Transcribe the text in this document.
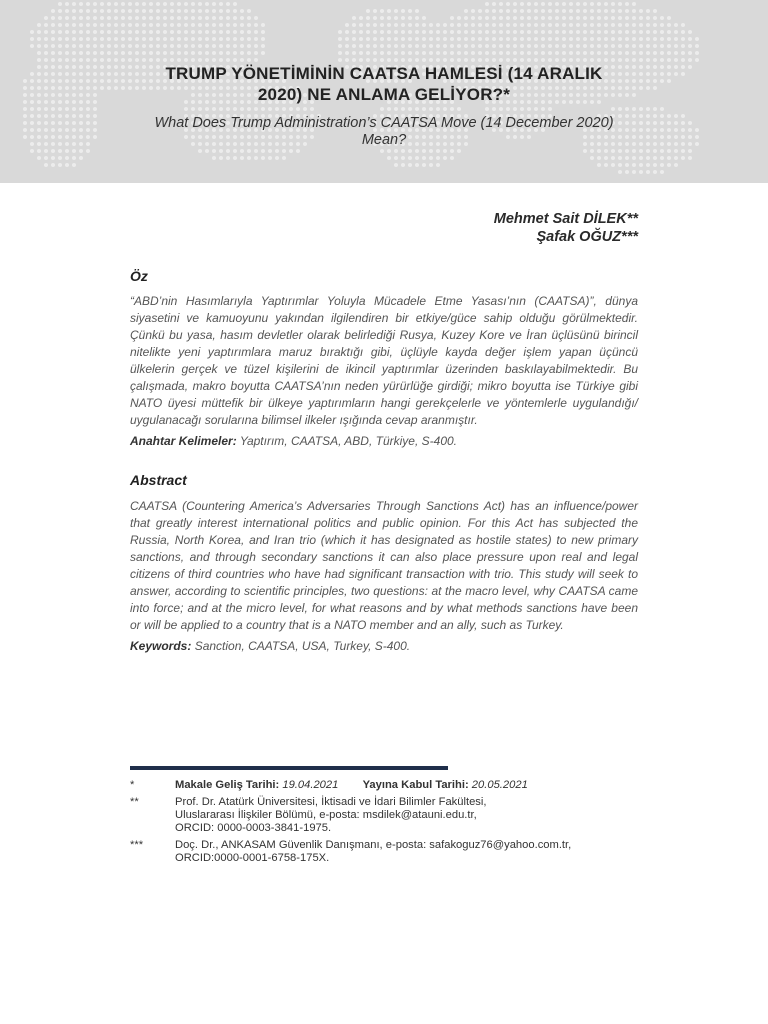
TRUMP YÖNETİMİNİN CAATSA HAMLESİ (14 ARALIK
2020) NE ANLAMA GELİYOR?*
What Does Trump Administration’s CAATSA Move (14 December 2020)
Mean?
Mehmet Sait DİLEK**
Şafak OĞUZ***
Öz
“ABD’nin Hasımlarıyla Yaptırımlar Yoluyla Mücadele Etme Yasası’nın (CAATSA)”, dünya siyasetini ve kamuoyunu yakından ilgilendiren bir etkiye/güce sahip olduğu görülmektedir. Çünkü bu yasa, hasım devletler olarak belirlediği Rusya, Kuzey Kore ve İran üçlüsünü birincil nitelikte yeni yaptırımlara maruz bıraktığı gibi, üçlüyle kayda değer işlem yapan üçüncü ülkelerin gerçek ve tüzel kişilerini de ikincil yaptırımlar üzerinden baskılayabilmektedir. Bu çalışmada, makro boyutta CAATSA’nın neden yürürlüğe girdiği; mikro boyutta ise Türkiye gibi NATO üyesi müttefik bir ülkeye yaptırımların hangi gerekçelerle ve yöntemlerle uygulandığı/ uygulanacağı sorularına bilimsel ilkeler ışığında cevap aranmıştır.
Anahtar Kelimeler: Yaptırım, CAATSA, ABD, Türkiye, S-400.
Abstract
CAATSA (Countering America’s Adversaries Through Sanctions Act) has an influence/power that greatly interest international politics and public opinion. For this Act has subjected the Russia, North Korea, and Iran trio (which it has designated as hostile states) to new primary sanctions, and through secondary sanctions it can also place pressure upon real and legal citizens of third countries who have had significant transaction with trio. This study will seek to answer, according to scientific principles, two questions: at the macro level, why CAATSA came into force; and at the micro level, for what reasons and by what methods sanctions have been or will be applied to a country that is a NATO member and an ally, such as Turkey.
Keywords: Sanction, CAATSA, USA, Turkey, S-400.
*	Makale Geliş Tarihi: 19.04.2021 Yayına Kabul Tarihi: 20.05.2021
**	Prof. Dr. Atatürk Üniversitesi, İktisadi ve İdari Bilimler Fakültesi,
Uluslararası İlişkiler Bölümü, e-posta: msdilek@atauni.edu.tr,
ORCID: 0000-0003-3841-1975.
***	Doç. Dr., ANKASAM Güvenlik Danışmanı, e-posta: safakoguz76@yahoo.com.tr,
ORCID:0000-0001-6758-175X.
